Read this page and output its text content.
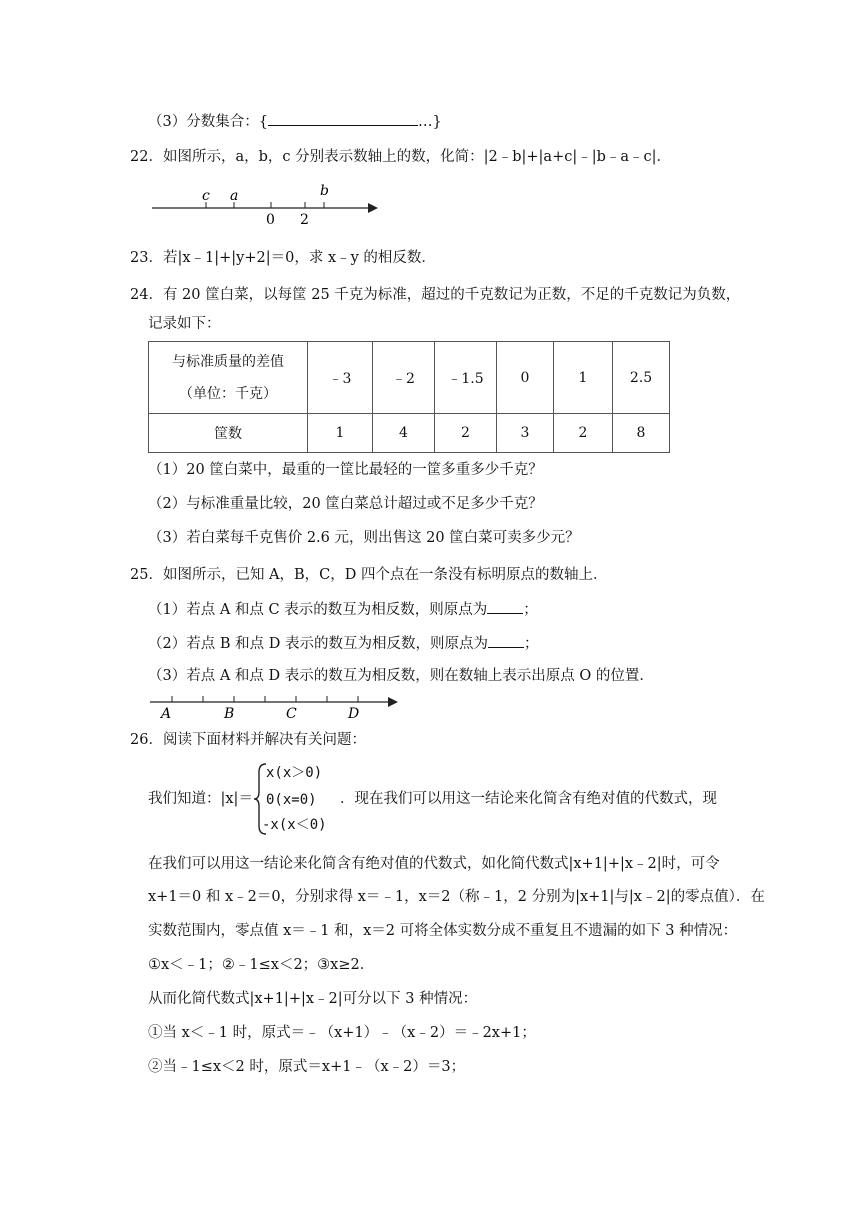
（3）分数集合：{	…}
22．如图所示，a，b，c 分别表示数轴上的数，化简：|2﹣b|+|a+c|﹣|b﹣a﹣c|．
c a	b
0 2
23．若|x﹣1|+|y+2|＝0，求 x﹣y 的相反数．
24．有 20 筐白菜，以每筐 25 千克为标准，超过的千克数记为正数，不足的千克数记为负数，
记录如下：
与标准质量的差值
（单位：千克）	﹣3	﹣2	﹣1.5	0	1	2.5
筐数	1	4	2	3	2	8
（1）20 筐白菜中，最重的一筐比最轻的一筐多重多少千克？
（2）与标准重量比较，20 筐白菜总计超过或不足多少千克？
（3）若白菜每千克售价 2.6 元，则出售这 20 筐白菜可卖多少元？
25．如图所示，已知 A，B，C，D 四个点在一条没有标明原点的数轴上．
（1）若点 A 和点 C 表示的数互为相反数，则原点为 ；
（2）若点 B 和点 D 表示的数互为相反数，则原点为 ；
（3）若点 A 和点 D 表示的数互为相反数，则在数轴上表示出原点 O 的位置．
A	B	C	D
26．阅读下面材料并解决有关问题：
我们知道：|x|＝
x(x＞0)
0(x=0)
-x(x＜0)
．现在我们可以用这一结论来化简含有绝对值的代数式，现
在我们可以用这一结论来化简含有绝对值的代数式，如化简代数式|x+1|+|x﹣2|时，可令
x+1＝0 和 x﹣2＝0，分别求得 x＝﹣1，x＝2（称﹣1，2 分别为|x+1|与|x﹣2|的零点值）．在
实数范围内，零点值 x＝﹣1 和，x＝2 可将全体实数分成不重复且不遗漏的如下 3 种情况：
①x＜﹣1；②﹣1≤x＜2；③x≥2．
从而化简代数式|x+1|+|x﹣2|可分以下 3 种情况：
①当 x＜﹣1 时，原式＝﹣（x+1）﹣（x﹣2）＝﹣2x+1；
②当﹣1≤x＜2 时，原式＝x+1﹣（x﹣2）＝3；
